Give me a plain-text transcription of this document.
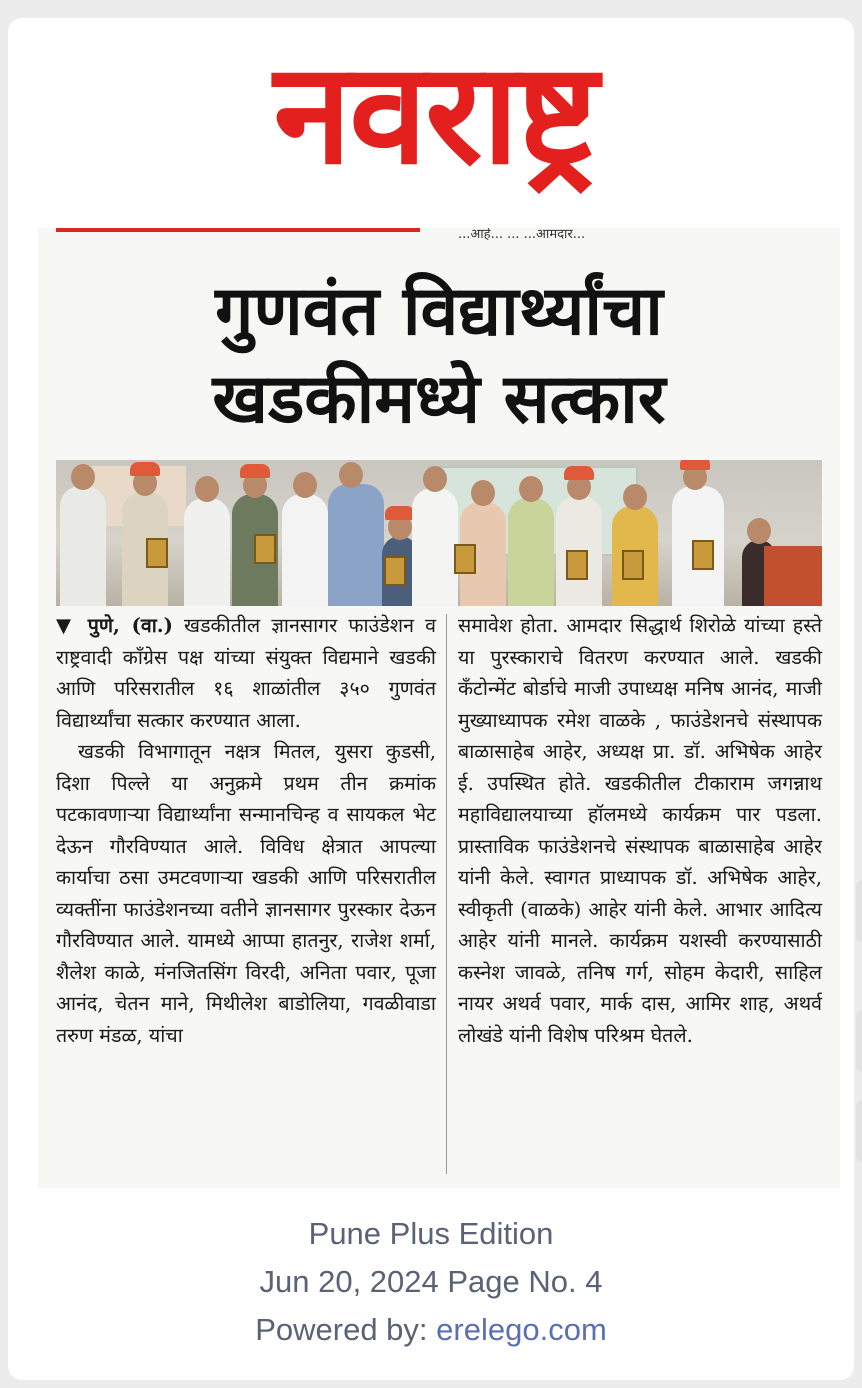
नवराष्ट्र
...आहे... ... ...आमदार...
गुणवंत विद्यार्थ्यांचा
खडकीमध्ये सत्कार
▼ पुणे, (वा.) खडकीतील ज्ञानसागर फाउंडेशन व राष्ट्रवादी काँग्रेस पक्ष यांच्या संयुक्त विद्यमाने खडकी आणि परिसरातील १६ शाळांतील ३५० गुणवंत विद्यार्थ्यांचा सत्कार करण्यात आला.
खडकी विभागातून नक्षत्र मितल, युसरा कुडसी, दिशा पिल्ले या अनुक्रमे प्रथम तीन क्रमांक पटकावणाऱ्या विद्यार्थ्यांना सन्मानचिन्ह व सायकल भेट देऊन गौरविण्यात आले. विविध क्षेत्रात आपल्या कार्याचा ठसा उमटवणाऱ्या खडकी आणि परिसरातील व्यक्तींना फाउंडेशनच्या वतीने ज्ञानसागर पुरस्कार देऊन गौरविण्यात आले. यामध्ये आप्पा हातनुर, राजेश शर्मा, शैलेश काळे, मंनजितसिंग विरदी, अनिता पवार, पूजा आनंद, चेतन माने, मिथीलेश बाडोलिया, गवळीवाडा तरुण मंडळ, यांचा
समावेश होता. आमदार सिद्धार्थ शिरोळे यांच्या हस्ते या पुरस्काराचे वितरण करण्यात आले. खडकी कँटोन्मेंट बोर्डाचे माजी उपाध्यक्ष मनिष आनंद, माजी मुख्याध्यापक रमेश वाळके , फाउंडेशनचे संस्थापक बाळासाहेब आहेर, अध्यक्ष प्रा. डॉ. अभिषेक आहेर ई. उपस्थित होते. खडकीतील टीकाराम जगन्नाथ महाविद्यालयाच्या हॉलमध्ये कार्यक्रम पार पडला. प्रास्ताविक फाउंडेशनचे संस्थापक बाळासाहेब आहेर यांनी केले. स्वागत प्राध्यापक डॉ. अभिषेक आहेर, स्वीकृती (वाळके) आहेर यांनी केले. आभार आदित्य आहेर यांनी मानले. कार्यक्रम यशस्वी करण्यासाठी कस्नेश जावळे, तनिष गर्ग, सोहम केदारी, साहिल नायर अथर्व पवार, मार्क दास, आमिर शाह, अथर्व लोखंडे यांनी विशेष परिश्रम घेतले.
Pune Plus Edition
Jun 20, 2024 Page No. 4
Powered by: erelego.com
